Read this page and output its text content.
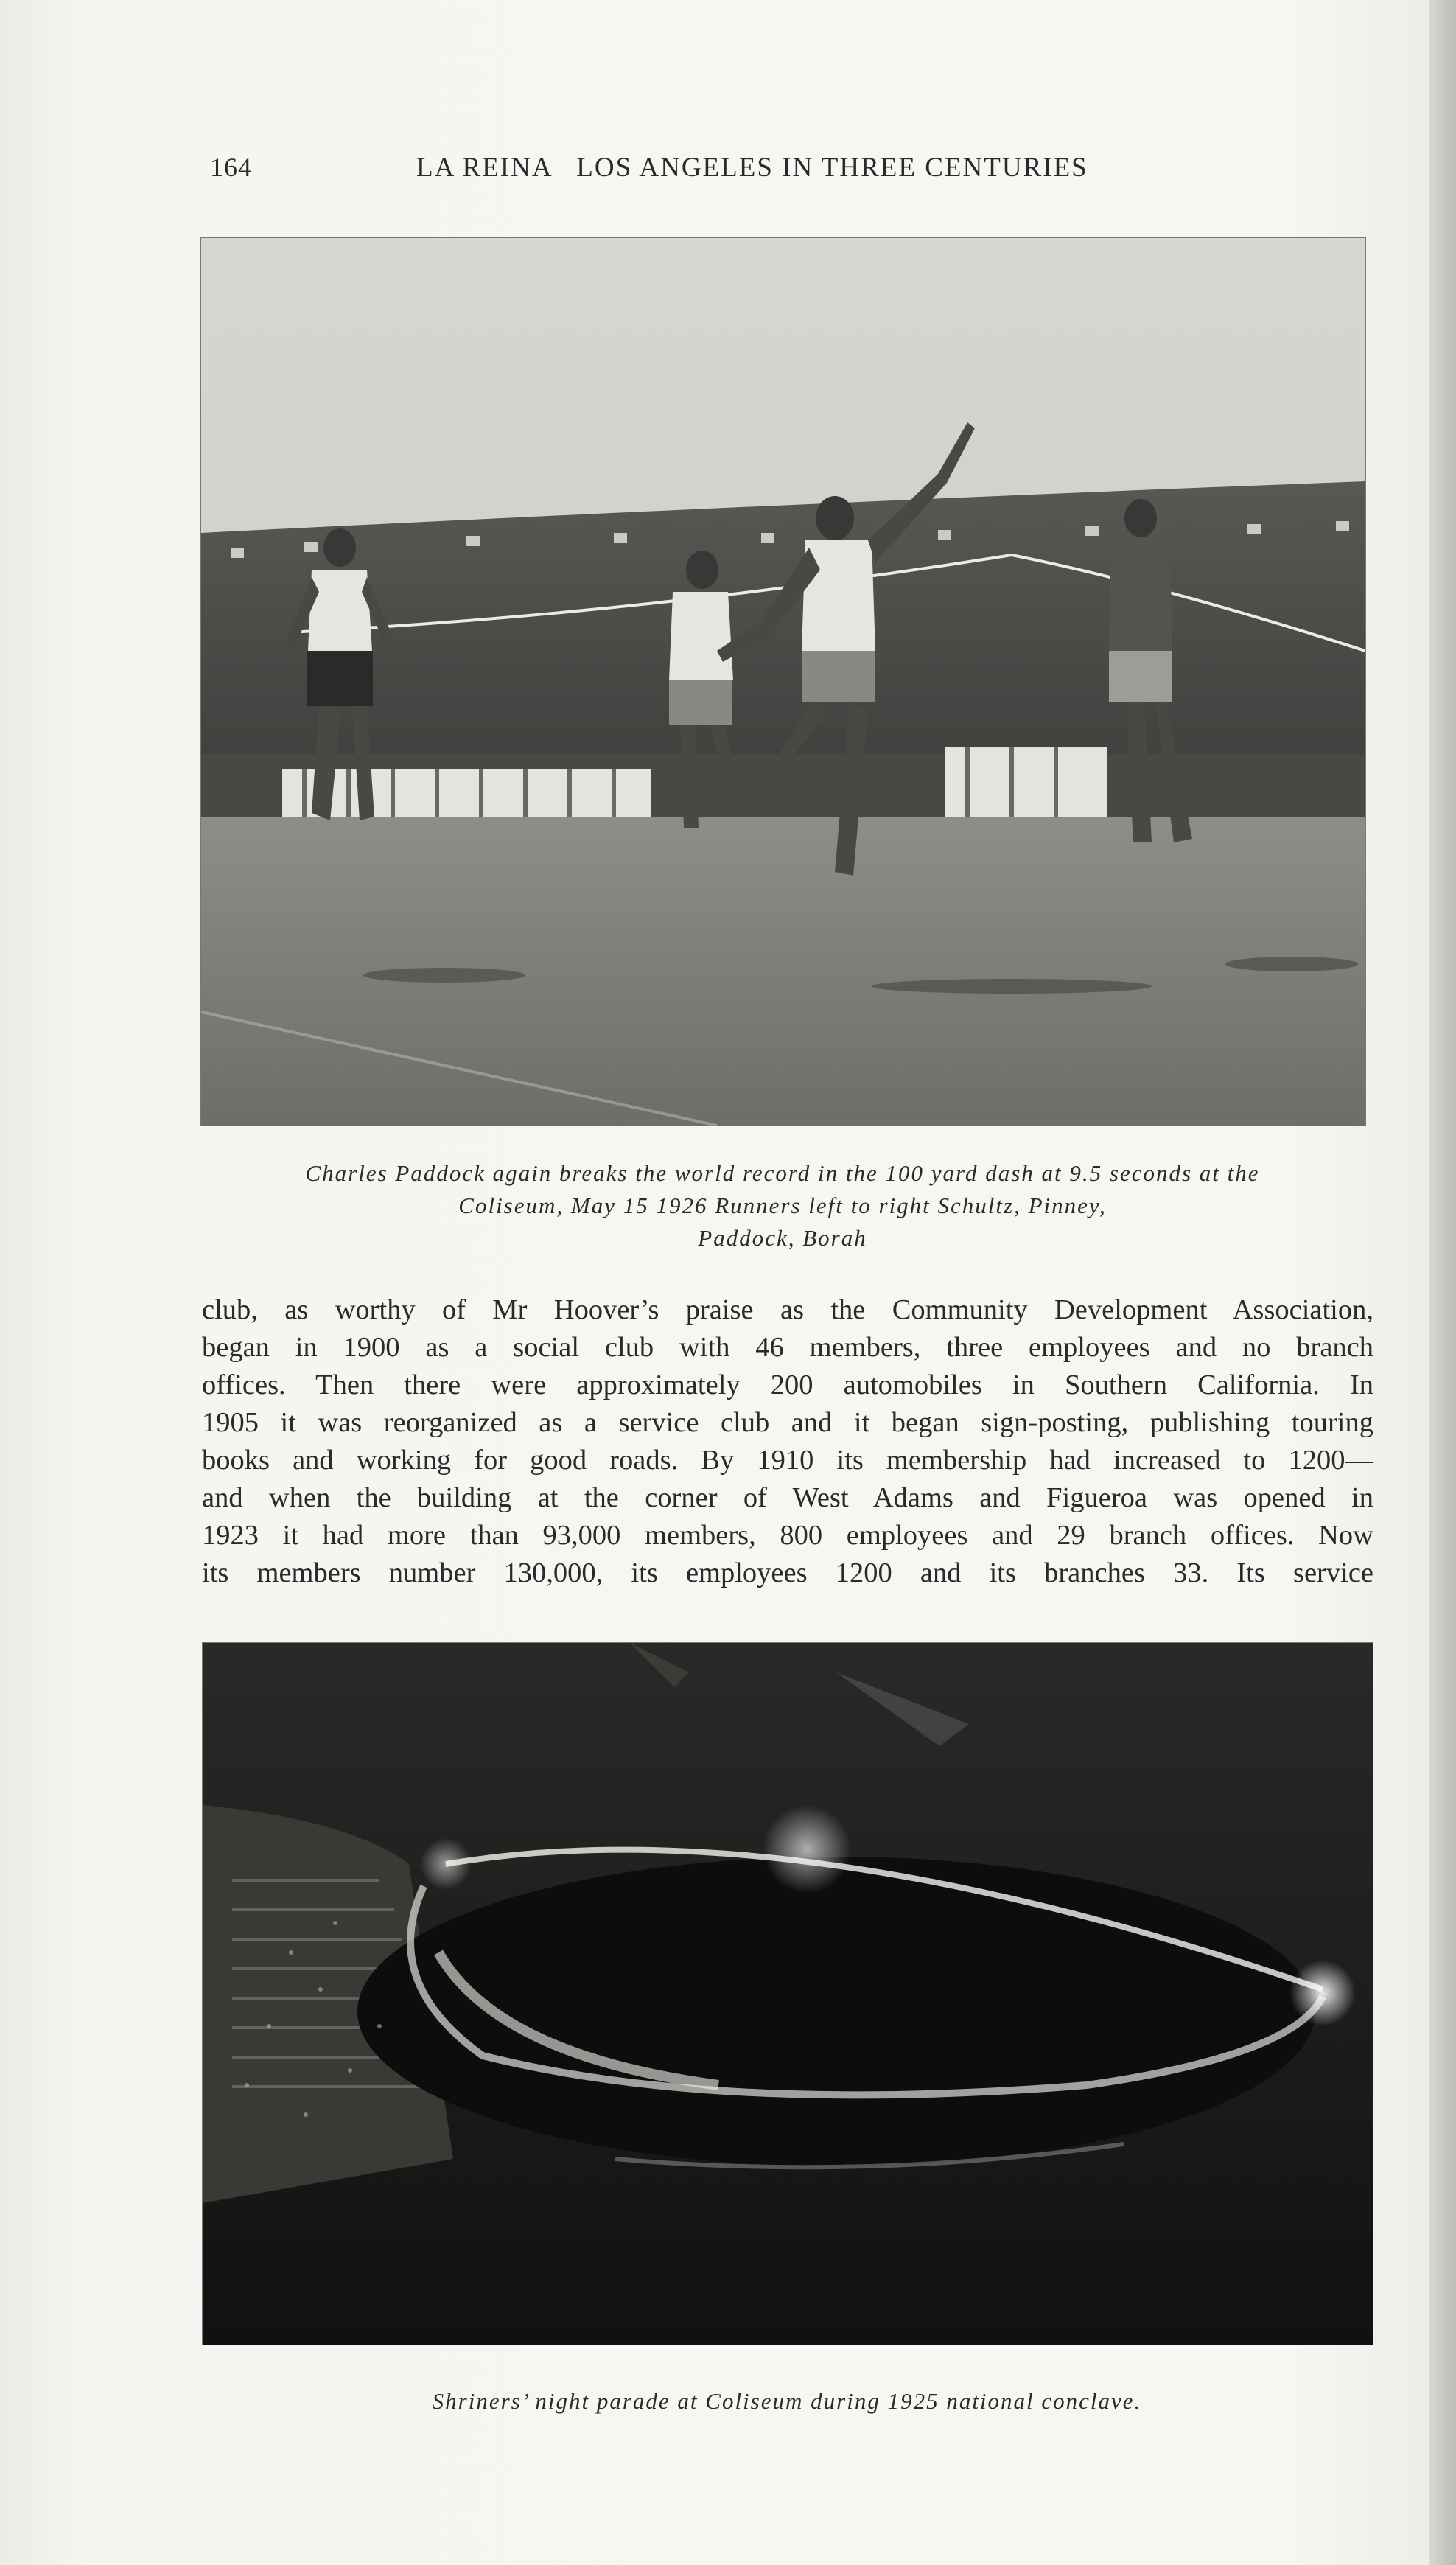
164	LA REINA   LOS ANGELES IN THREE CENTURIES
Charles Paddock again breaks the world record in the 100 yard dash at 9.5 seconds at the
Coliseum, May 15 1926 Runners left to right Schultz, Pinney,
Paddock, Borah
club, as worthy of Mr Hoover’s praise as the Community Development Association,
began in 1900 as a social club with 46 members, three employees and no branch
offices. Then there were approximately 200 automobiles in Southern California. In
1905 it was reorganized as a service club and it began sign-posting, publishing touring
books and working for good roads. By 1910 its membership had increased to 1200—
and when the building at the corner of West Adams and Figueroa was opened in
1923 it had more than 93,000 members, 800 employees and 29 branch offices. Now
its members number 130,000, its employees 1200 and its branches 33. Its service
Shriners’ night parade at Coliseum during 1925 national conclave.
